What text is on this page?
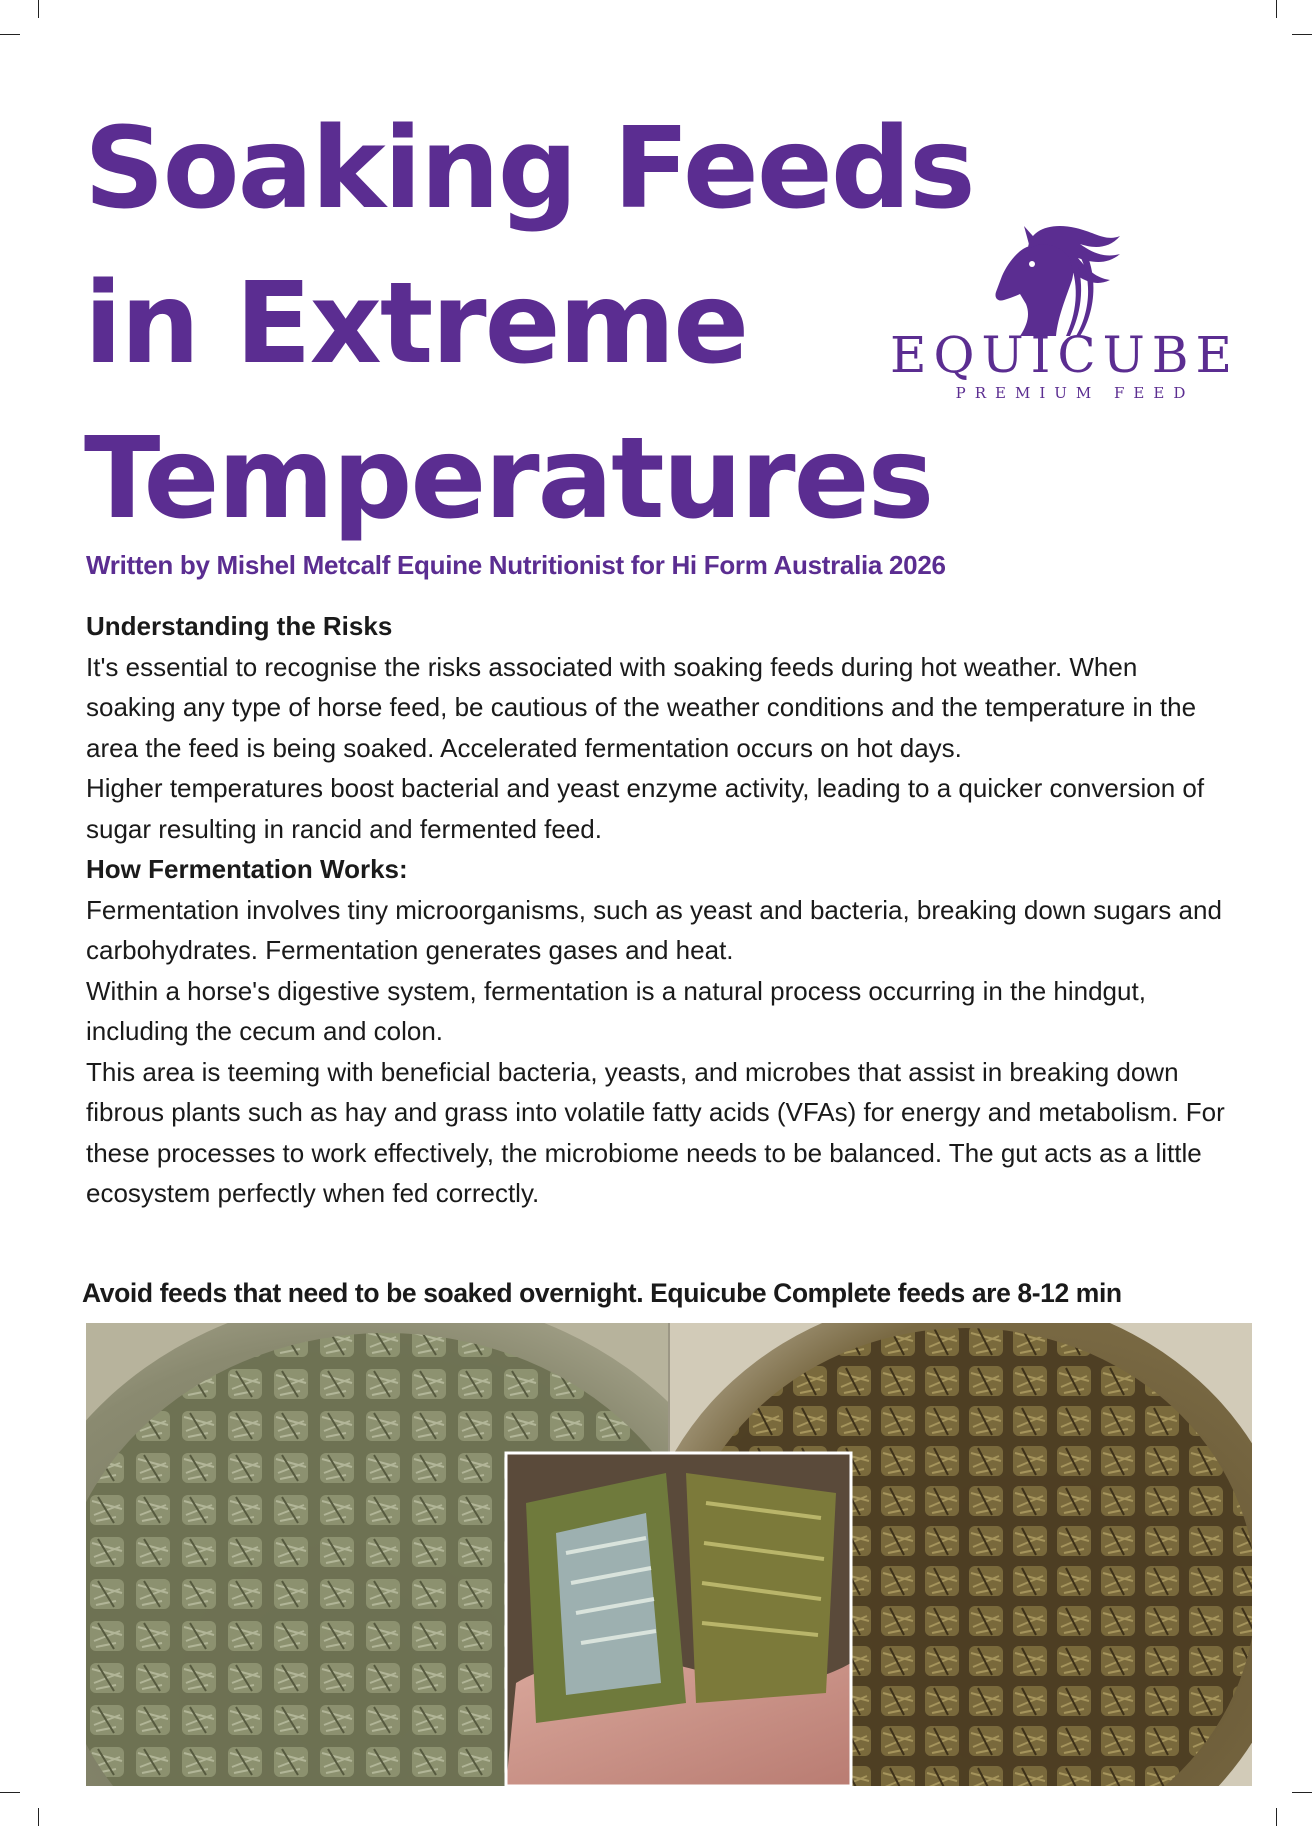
Soaking Feeds
in Extreme
Temperatures
EQUICUBE
PREMIUM FEED

Written by Mishel Metcalf Equine Nutritionist for Hi Form Australia 2026

Understanding the Risks

It's essential to recognise the risks associated with soaking feeds during hot weather. When soaking any type of horse feed, be cautious of the weather conditions and the temperature in the area the feed is being soaked. Accelerated fermentation occurs on hot days.

Higher temperatures boost bacterial and yeast enzyme activity, leading to a quicker conversion of sugar resulting in rancid and fermented feed.

How Fermentation Works:

Fermentation involves tiny microorganisms, such as yeast and bacteria, breaking down sugars and carbohydrates. Fermentation generates gases and heat.

Within a horse's digestive system, fermentation is a natural process occurring in the hindgut, including the cecum and colon.

This area is teeming with beneficial bacteria, yeasts, and microbes that assist in breaking down fibrous plants such as hay and grass into volatile fatty acids (VFAs) for energy and metabolism. For these processes to work effectively, the microbiome needs to be balanced. The gut acts as a little ecosystem perfectly when fed correctly.

Avoid feeds that need to be soaked overnight. Equicube Complete feeds are 8-12 min
